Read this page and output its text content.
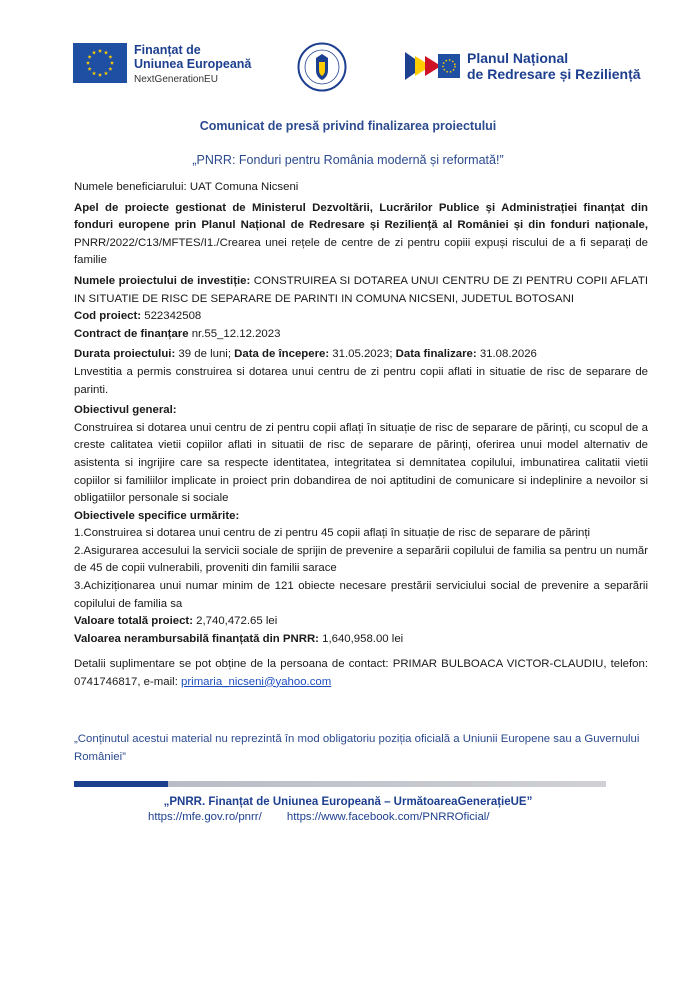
Finanțat de
Uniunea Europeană
NextGenerationEU
Planul Național
de Redresare și Reziliență
Comunicat de presă privind finalizarea proiectului
„PNRR: Fonduri pentru România modernă și reformată!”

Numele beneficiarului: UAT Comuna Nicseni

Apel de proiecte gestionat de Ministerul Dezvoltării, Lucrărilor Publice și Administrației finanțat din fonduri europene prin Planul Național de Redresare și Reziliență al României și din fonduri naționale, PNRR/2022/C13/MFTES/I1./Crearea unei rețele de centre de zi pentru copiii expuși riscului de a fi separați de familie

Numele proiectului de investiție: CONSTRUIREA SI DOTAREA UNUI CENTRU DE ZI PENTRU COPII AFLATI IN SITUATIE DE RISC DE SEPARARE DE PARINTI IN COMUNA NICSENI, JUDETUL BOTOSANI

Cod proiect: 522342508

Contract de finanțare nr.55_12.12.2023

Durata proiectului: 39 de luni; Data de începere: 31.05.2023; Data finalizare: 31.08.2026

Lnvestitia a permis construirea si dotarea unui centru de zi pentru copii aflati in situatie de risc de separare de parinti.

Obiectivul general:

Construirea si dotarea unui centru de zi pentru copii aflați în situație de risc de separare de părinți, cu scopul de a creste calitatea vietii copiilor aflati in situatii de risc de separare de părinți, oferirea unui model alternativ de asistenta si ingrijire care sa respecte identitatea, integritatea si demnitatea copilului, imbunatirea calitatii vietii copiilor si familiilor implicate in proiect prin dobandirea de noi aptitudini de comunicare si indeplinire a nevoilor si obligatiilor personale si sociale

Obiectivele specifice urmărite:

1.Construirea si dotarea unui centru de zi pentru 45 copii aflați în situație de risc de separare de părinți

2.Asigurarea accesului la servicii sociale de sprijin de prevenire a separării copilului de familia sa pentru un număr de 45 de copii vulnerabili, proveniti din familii sarace

3.Achiziționarea unui numar minim de 121 obiecte necesare prestării serviciului social de prevenire a separării copilului de familia sa

Valoare totală proiect: 2,740,472.65 lei

Valoarea nerambursabilă finanțată din PNRR: 1,640,958.00 lei

Detalii suplimentare se pot obține de la persoana de contact: PRIMAR BULBOACA VICTOR-CLAUDIU, telefon: 0741746817, e-mail: primaria_nicseni@yahoo.com
„Conținutul acestui material nu reprezintă în mod obligatoriu poziția oficială a Uniunii Europene sau a Guvernului României”
„PNRR. Finanțat de Uniunea Europeană – UrmătoareaGenerațieUE”
https://mfe.gov.ro/pnrr/ https://www.facebook.com/PNRROficial/
